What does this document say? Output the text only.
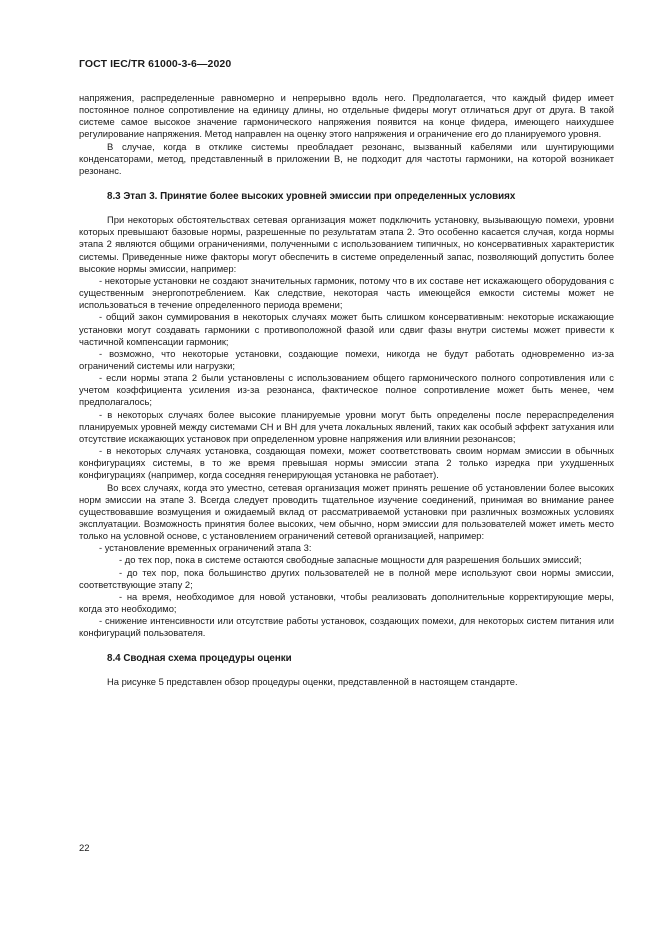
ГОСТ IEC/TR 61000-3-6—2020

напряжения, распределенные равномерно и непрерывно вдоль него. Предполагается, что каждый фидер имеет постоянное полное сопротивление на единицу длины, но отдельные фидеры могут отличаться друг от друга. В такой системе самое высокое значение гармонического напряжения появится на конце фидера, имеющего наихудшее регулирование напряжения. Метод направлен на оценку этого напряжения и ограничение его до планируемого уровня.

В случае, когда в отклике системы преобладает резонанс, вызванный кабелями или шунтирующими конденсаторами, метод, представленный в приложении B, не подходит для частоты гармоники, на которой возникает резонанс.

8.3 Этап 3. Принятие более высоких уровней эмиссии при определенных условиях

При некоторых обстоятельствах сетевая организация может подключить установку, вызывающую помехи, уровни которых превышают базовые нормы, разрешенные по результатам этапа 2. Это особенно касается случая, когда нормы этапа 2 являются общими ограничениями, полученными с использованием типичных, но консервативных характеристик системы. Приведенные ниже факторы могут обеспечить в системе определенный запас, позволяющий допустить более высокие нормы эмиссии, например:

- некоторые установки не создают значительных гармоник, потому что в их составе нет искажающего оборудования с существенным энергопотреблением. Как следствие, некоторая часть имеющейся емкости системы может не использоваться в течение определенного периода времени;

- общий закон суммирования в некоторых случаях может быть слишком консервативным: некоторые искажающие установки могут создавать гармоники с противоположной фазой или сдвиг фазы внутри системы может привести к частичной компенсации гармоник;

- возможно, что некоторые установки, создающие помехи, никогда не будут работать одновременно из-за ограничений системы или нагрузки;

- если нормы этапа 2 были установлены с использованием общего гармонического полного сопротивления или с учетом коэффициента усиления из-за резонанса, фактическое полное сопротивление может быть менее, чем предполагалось;

- в некоторых случаях более высокие планируемые уровни могут быть определены после перераспределения планируемых уровней между системами СН и ВН для учета локальных явлений, таких как особый эффект затухания или отсутствие искажающих установок при определенном уровне напряжения или влиянии резонансов;

- в некоторых случаях установка, создающая помехи, может соответствовать своим нормам эмиссии в обычных конфигурациях системы, в то же время превышая нормы эмиссии этапа 2 только изредка при ухудшенных конфигурациях (например, когда соседняя генерирующая установка не работает).

Во всех случаях, когда это уместно, сетевая организация может принять решение об установлении более высоких норм эмиссии на этапе 3. Всегда следует проводить тщательное изучение соединений, принимая во внимание ранее существовавшие возмущения и ожидаемый вклад от рассматриваемой установки при различных возможных условиях эксплуатации. Возможность принятия более высоких, чем обычно, норм эмиссии для пользователей может иметь место только на условной основе, с установлением ограничений сетевой организацией, например:

- установление временных ограничений этапа 3:

- до тех пор, пока в системе остаются свободные запасные мощности для разрешения больших эмиссий;

- до тех пор, пока большинство других пользователей не в полной мере используют свои нормы эмиссии, соответствующие этапу 2;

- на время, необходимое для новой установки, чтобы реализовать дополнительные корректирующие меры, когда это необходимо;

- снижение интенсивности или отсутствие работы установок, создающих помехи, для некоторых систем питания или конфигураций пользователя.

8.4 Сводная схема процедуры оценки

На рисунке 5 представлен обзор процедуры оценки, представленной в настоящем стандарте.

22
